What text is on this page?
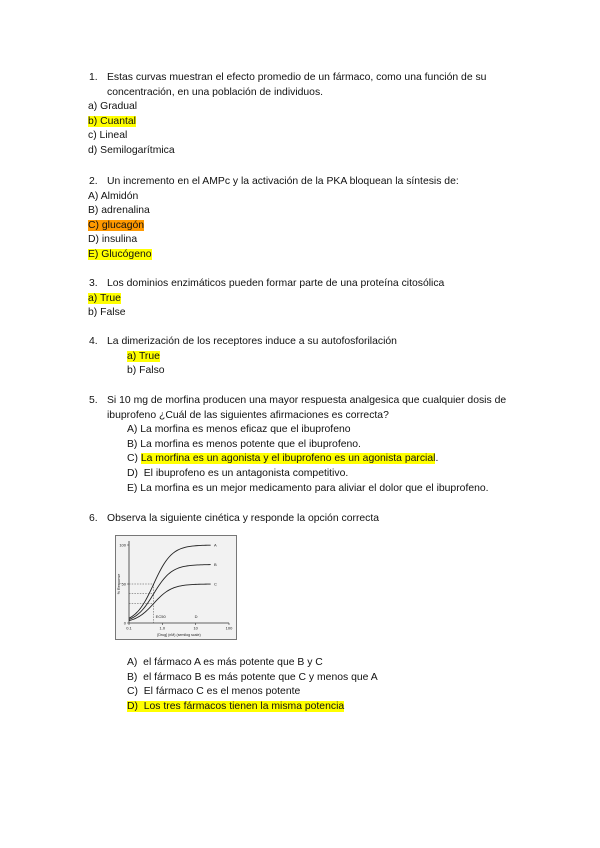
1. Estas curvas muestran el efecto promedio de un fármaco, como una función de su concentración, en una población de individuos.
a) Gradual
b) Cuantal
c) Lineal
d) Semilogarítmica
2. Un incremento en el AMPc y la activación de la PKA bloquean la síntesis de:
A) Almidón
B) adrenalina
C) glucagón
D) insulina
E) Glucógeno
3. Los dominios enzimáticos pueden formar parte de una proteína citosólica
a) True
b) False
4. La dimerización de los receptores induce a su autofosforilación
a) True
b) Falso
5. Si 10 mg de morfina producen una mayor respuesta analgesica que cualquier dosis de ibuprofeno ¿Cuál de las siguientes afirmaciones es correcta?
A) La morfina es menos eficaz que el ibuprofeno
B) La morfina es menos potente que el ibuprofeno.
C) La morfina es un agonista y el ibuprofeno es un agonista parcial.
D) El ibuprofeno es un antagonista competitivo.
E) La morfina es un mejor medicamento para aliviar el dolor que el ibuprofeno.
6. Observa la siguiente cinética y responde la opción correcta
100
50
0
0.1	1.0	10	100
[Drug] (nM) (semilog scale)
% Response
EC50	D
A
B
C
A) el fármaco A es más potente que B y C
B) el fármaco B es más potente que C y menos que A
C) El fármaco C es el menos potente
D) Los tres fármacos tienen la misma potencia
